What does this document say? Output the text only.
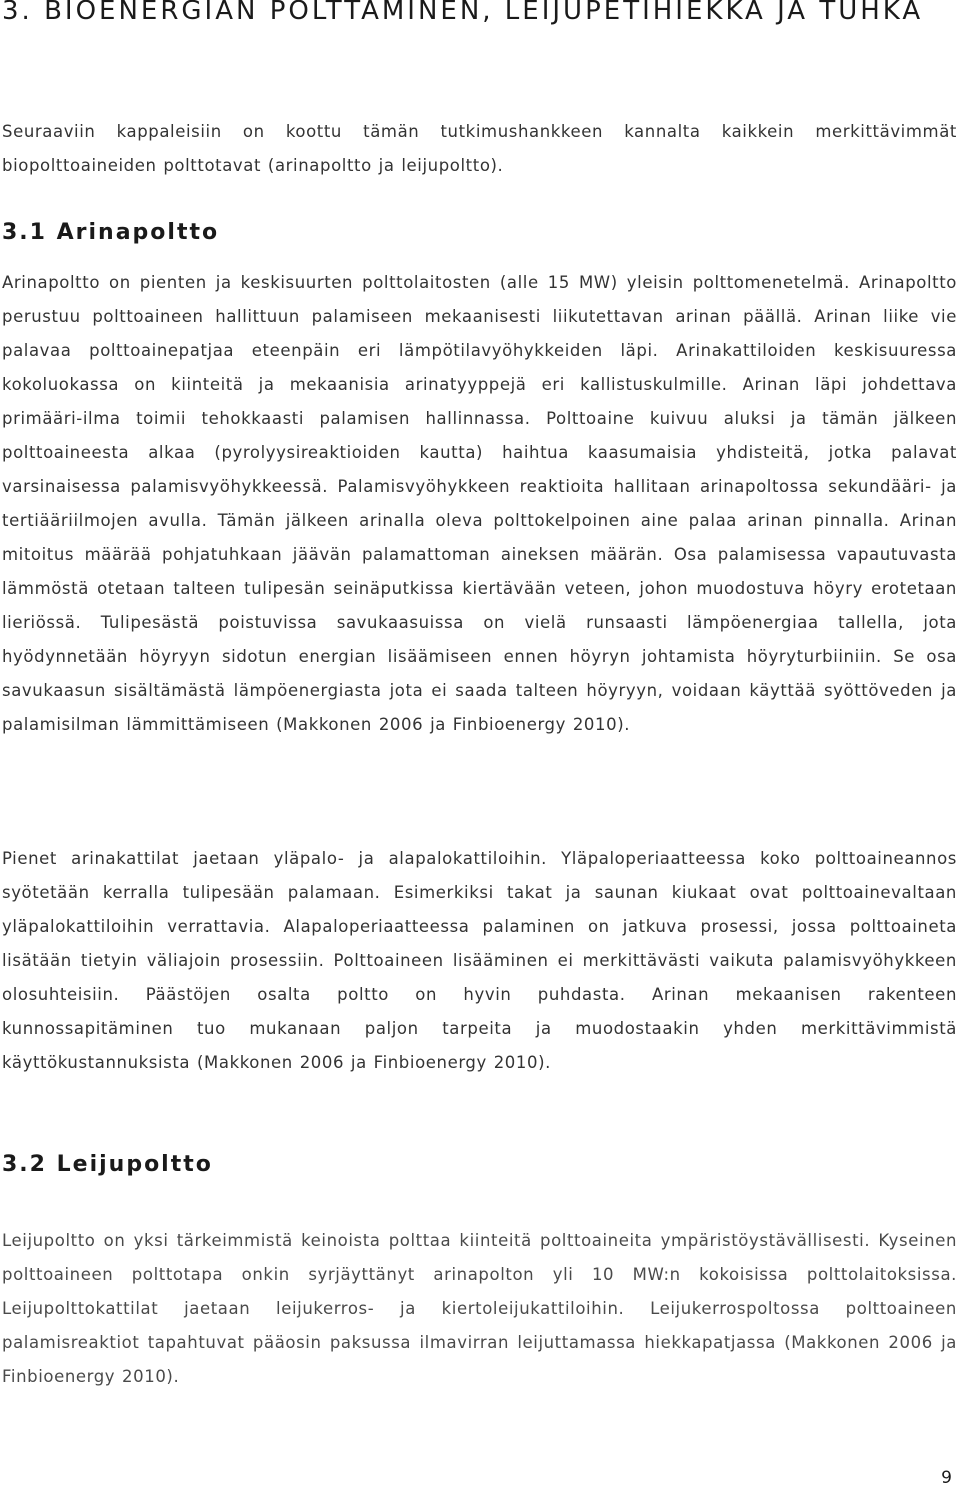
3. BIOENERGIAN POLTTAMINEN, LEIJUPETIHIEKKA JA TUHKA

Seuraaviin kappaleisiin on koottu tämän tutkimushankkeen kannalta kaikkein merkittävimmät biopolttoaineiden polttotavat (arinapoltto ja leijupoltto).

3.1 Arinapoltto

Arinapoltto on pienten ja keskisuurten polttolaitosten (alle 15 MW) yleisin polttomenetelmä. Arinapoltto perustuu polttoaineen hallittuun palamiseen mekaanisesti liikutettavan arinan päällä. Arinan liike vie palavaa polttoainepatjaa eteenpäin eri lämpötilavyöhykkeiden läpi. Arinakattiloiden keskisuuressa kokoluokassa on kiinteitä ja mekaanisia arinatyyppejä eri kallistuskulmille. Arinan läpi johdettava primääri-ilma toimii tehokkaasti palamisen hallinnassa. Polttoaine kuivuu aluksi ja tämän jälkeen polttoaineesta alkaa (pyrolyysireaktioiden kautta) haihtua kaasumaisia yhdisteitä, jotka palavat varsinaisessa palamisvyöhykkeessä. Palamisvyöhykkeen reaktioita hallitaan arinapoltossa sekundääri- ja tertiääriilmojen avulla. Tämän jälkeen arinalla oleva polttokelpoinen aine palaa arinan pinnalla. Arinan mitoitus määrää pohjatuhkaan jäävän palamattoman aineksen määrän. Osa palamisessa vapautuvasta lämmöstä otetaan talteen tulipesän seinäputkissa kiertävään veteen, johon muodostuva höyry erotetaan lieriössä. Tulipesästä poistuvissa savukaasuissa on vielä runsaasti lämpöenergiaa tallella, jota hyödynnetään höyryyn sidotun energian lisäämiseen ennen höyryn johtamista höyryturbiiniin. Se osa savukaasun sisältämästä lämpöenergiasta jota ei saada talteen höyryyn, voidaan käyttää syöttöveden ja palamisilman lämmittämiseen (Makkonen 2006 ja Finbioenergy 2010).

Pienet arinakattilat jaetaan yläpalo- ja alapalokattiloihin. Yläpaloperiaatteessa koko polttoaineannos syötetään kerralla tulipesään palamaan. Esimerkiksi takat ja saunan kiukaat ovat polttoainevaltaan yläpalokattiloihin verrattavia. Alapaloperiaatteessa palaminen on jatkuva prosessi, jossa polttoaineta lisätään tietyin väliajoin prosessiin. Polttoaineen lisääminen ei merkittävästi vaikuta palamisvyöhykkeen olosuhteisiin. Päästöjen osalta poltto on hyvin puhdasta. Arinan mekaanisen rakenteen kunnossapitäminen tuo mukanaan paljon tarpeita ja muodostaakin yhden merkittävimmistä käyttökustannuksista (Makkonen 2006 ja Finbioenergy 2010).

3.2 Leijupoltto

Leijupoltto on yksi tärkeimmistä keinoista polttaa kiinteitä polttoaineita ympäristöystävällisesti. Kyseinen polttoaineen polttotapa onkin syrjäyttänyt arinapolton yli 10 MW:n kokoisissa polttolaitoksissa. Leijupolttokattilat jaetaan leijukerros- ja kiertoleijukattiloihin. Leijukerrospoltossa polttoaineen palamisreaktiot tapahtuvat pääosin paksussa ilmavirran leijuttamassa hiekkapatjassa (Makkonen 2006 ja Finbioenergy 2010).

9
